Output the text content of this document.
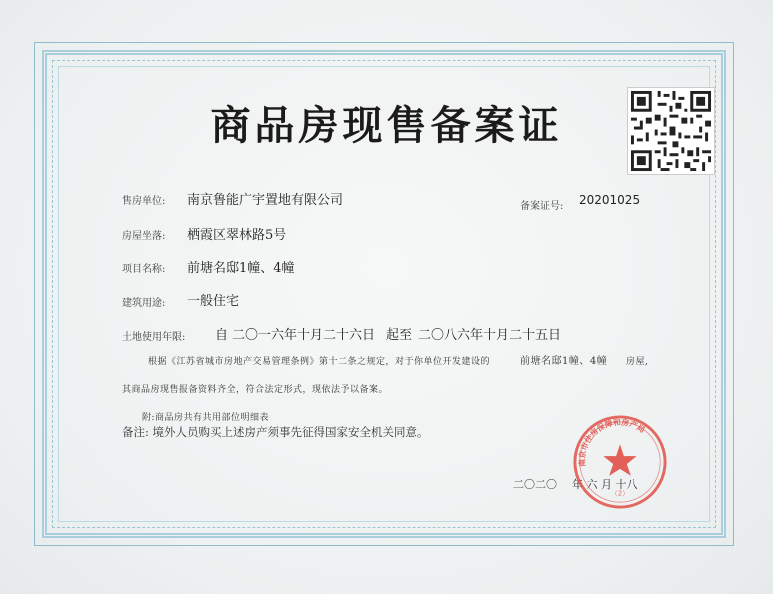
商品房现售备案证
售房单位: 南京鲁能广宇置地有限公司	备案证号: 20201025
房屋坐落: 栖霞区翠林路5号
项目名称: 前塘名邸1幢、4幢
建筑用途: 一般住宅
土地使用年限: 自 二〇一六年十月二十六日 起至 二〇八六年十月二十五日
根据《江苏省城市房地产交易管理条例》第十二条之规定，对于你单位开发建设的	前塘名邸1幢、4幢 房屋,
其商品房现售报备资料齐全，符合法定形式，现依法予以备案。
附:商品房共有共用部位明细表
备注: 境外人员购买上述房产须事先征得国家安全机关同意。
二〇二〇 年 六 月 十八
南京市住房保障和房产局
（2）
